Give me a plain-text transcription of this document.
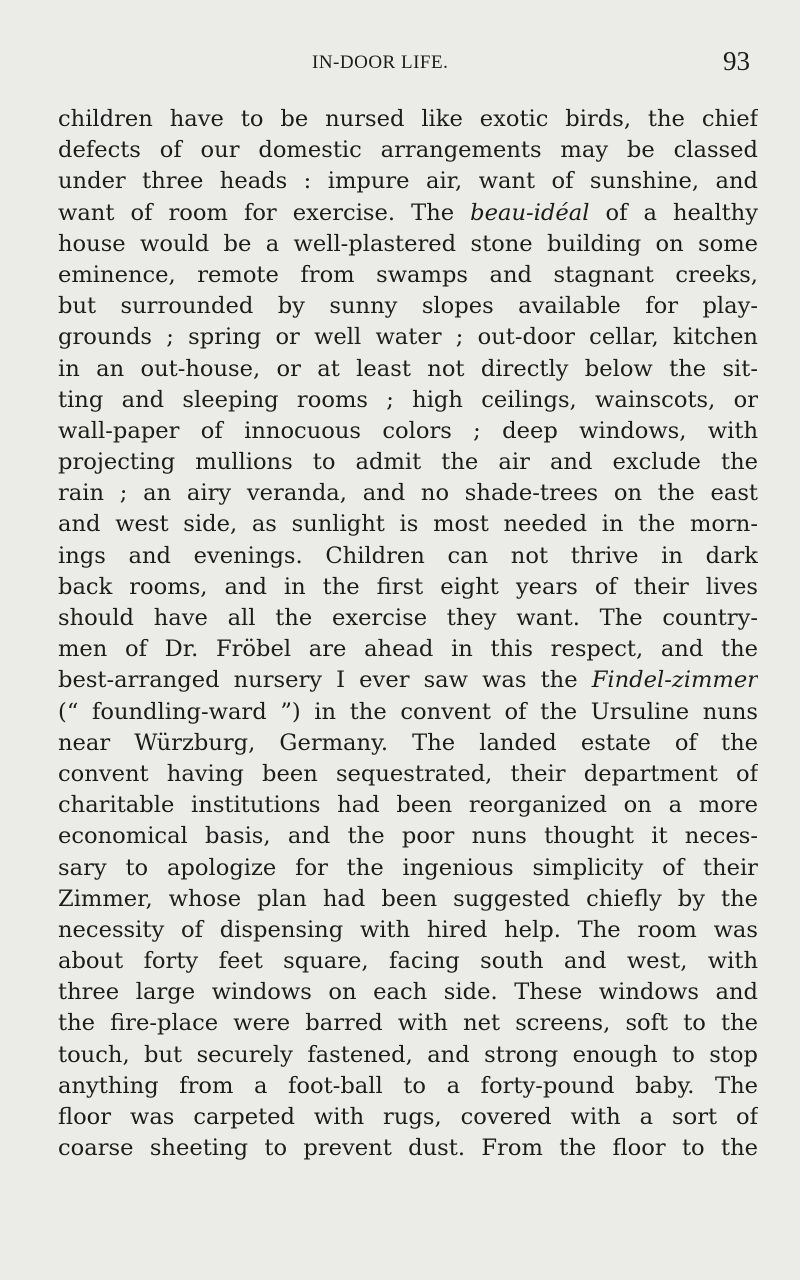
IN-DOOR LIFE.	93
children have to be nursed like exotic birds, the chief
defects of our domestic arrangements may be classed
under three heads : impure air, want of sunshine, and
want of room for exercise. The beau-idéal of a healthy
house would be a well-plastered stone building on some
eminence, remote from swamps and stagnant creeks,
but surrounded by sunny slopes available for play-
grounds ; spring or well water ; out-door cellar, kitchen
in an out-house, or at least not directly below the sit-
ting and sleeping rooms ; high ceilings, wainscots, or
wall-paper of innocuous colors ; deep windows, with
projecting mullions to admit the air and exclude the
rain ; an airy veranda, and no shade-trees on the east
and west side, as sunlight is most needed in the morn-
ings and evenings. Children can not thrive in dark
back rooms, and in the first eight years of their lives
should have all the exercise they want. The country-
men of Dr. Fröbel are ahead in this respect, and the
best-arranged nursery I ever saw was the Findel-zimmer
(“ foundling-ward ”) in the convent of the Ursuline nuns
near Würzburg, Germany. The landed estate of the
convent having been sequestrated, their department of
charitable institutions had been reorganized on a more
economical basis, and the poor nuns thought it neces-
sary to apologize for the ingenious simplicity of their
Zimmer, whose plan had been suggested chiefly by the
necessity of dispensing with hired help. The room was
about forty feet square, facing south and west, with
three large windows on each side. These windows and
the fire-place were barred with net screens, soft to the
touch, but securely fastened, and strong enough to stop
anything from a foot-ball to a forty-pound baby. The
floor was carpeted with rugs, covered with a sort of
coarse sheeting to prevent dust. From the floor to the
